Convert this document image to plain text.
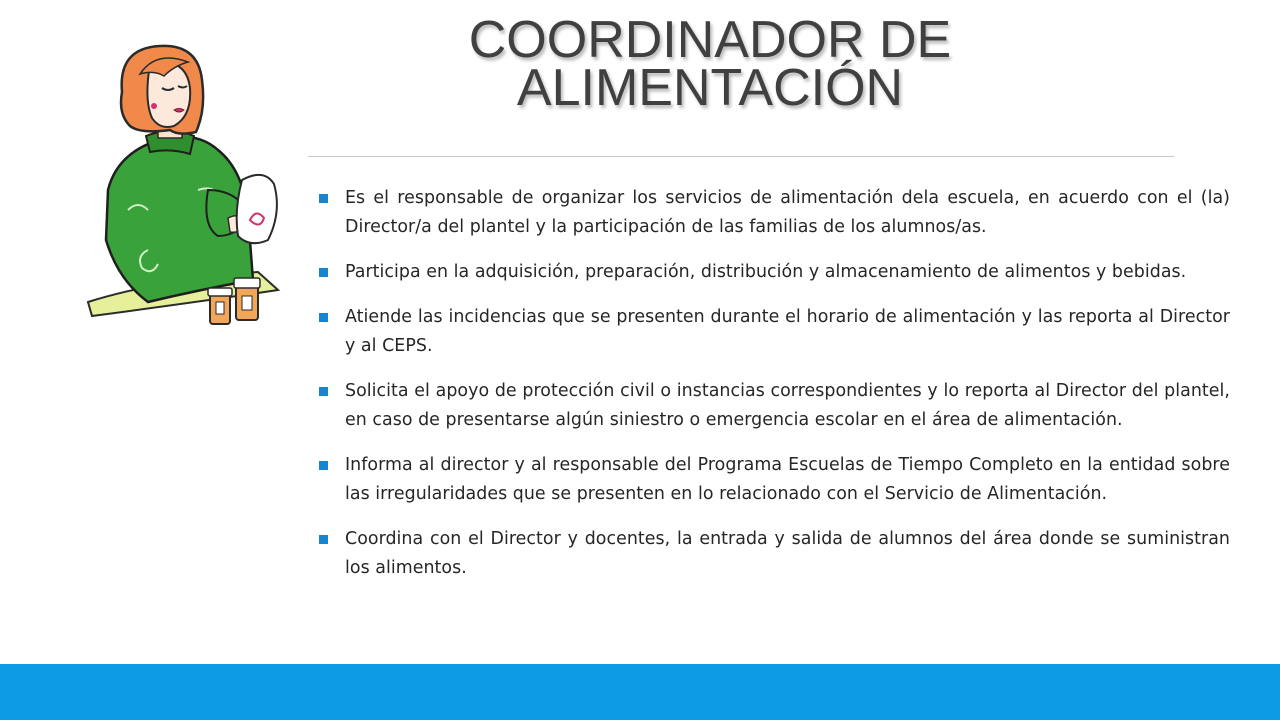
COORDINADOR DE
ALIMENTACIÓN
Es el responsable de organizar los servicios de alimentación dela escuela, en acuerdo con el (la) Director/a del plantel y la participación de las familias de los alumnos/as.
Participa en la adquisición, preparación, distribución y almacenamiento de alimentos y bebidas.
Atiende las incidencias que se presenten durante el horario de alimentación y las reporta al Director y al CEPS.
Solicita el apoyo de protección civil o instancias correspondientes y lo reporta al Director del plantel, en caso de presentarse algún siniestro o emergencia escolar en el área de alimentación.
Informa al director y al responsable del Programa Escuelas de Tiempo Completo en la entidad sobre las irregularidades que se presenten en lo relacionado con el Servicio de Alimentación.
Coordina con el Director y docentes, la entrada y salida de alumnos del área donde se suministran los alimentos.
